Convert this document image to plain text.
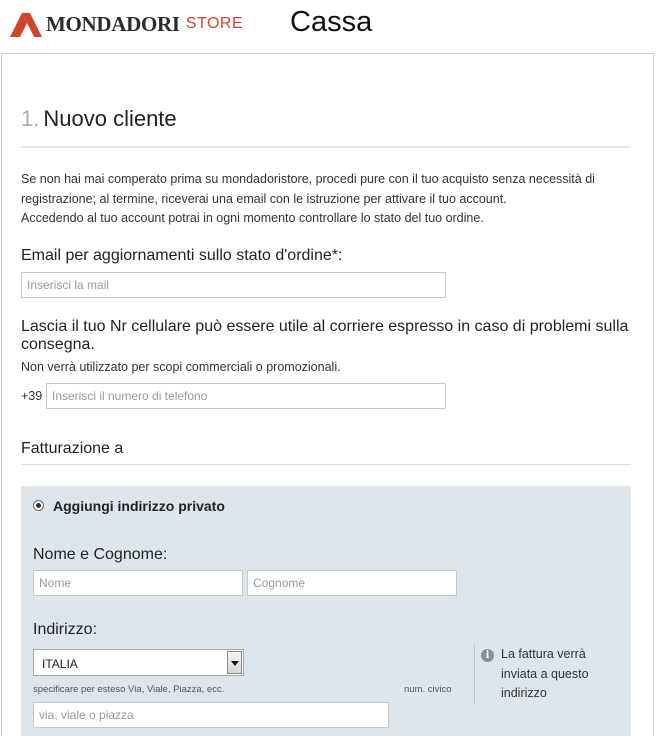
MONDADORI STORE Cassa
1. Nuovo cliente
Se non hai mai comperato prima su mondadoristore, procedi pure con il tuo acquisto senza necessità di registrazione; al termine, riceverai una email con le istruzione per attivare il tuo account.
Accedendo al tuo account potrai in ogni momento controllare lo stato del tuo ordine.
Email per aggiornamenti sullo stato d'ordine*:
Inserisci la mail
Lascia il tuo Nr cellulare può essere utile al corriere espresso in caso di problemi sulla consegna.
Non verrà utilizzato per scopi commerciali o promozionali.
+39
Inserisci il numero di telefono
Fatturazione a
Aggiungi indirizzo privato
Nome e Cognome:
Nome
Cognome
Indirizzo:
ITALIA
specificare per esteso Via, Viale, Piazza, ecc.	num. civico
via, viale o piazza
i La fattura verrà inviata a questo indirizzo
